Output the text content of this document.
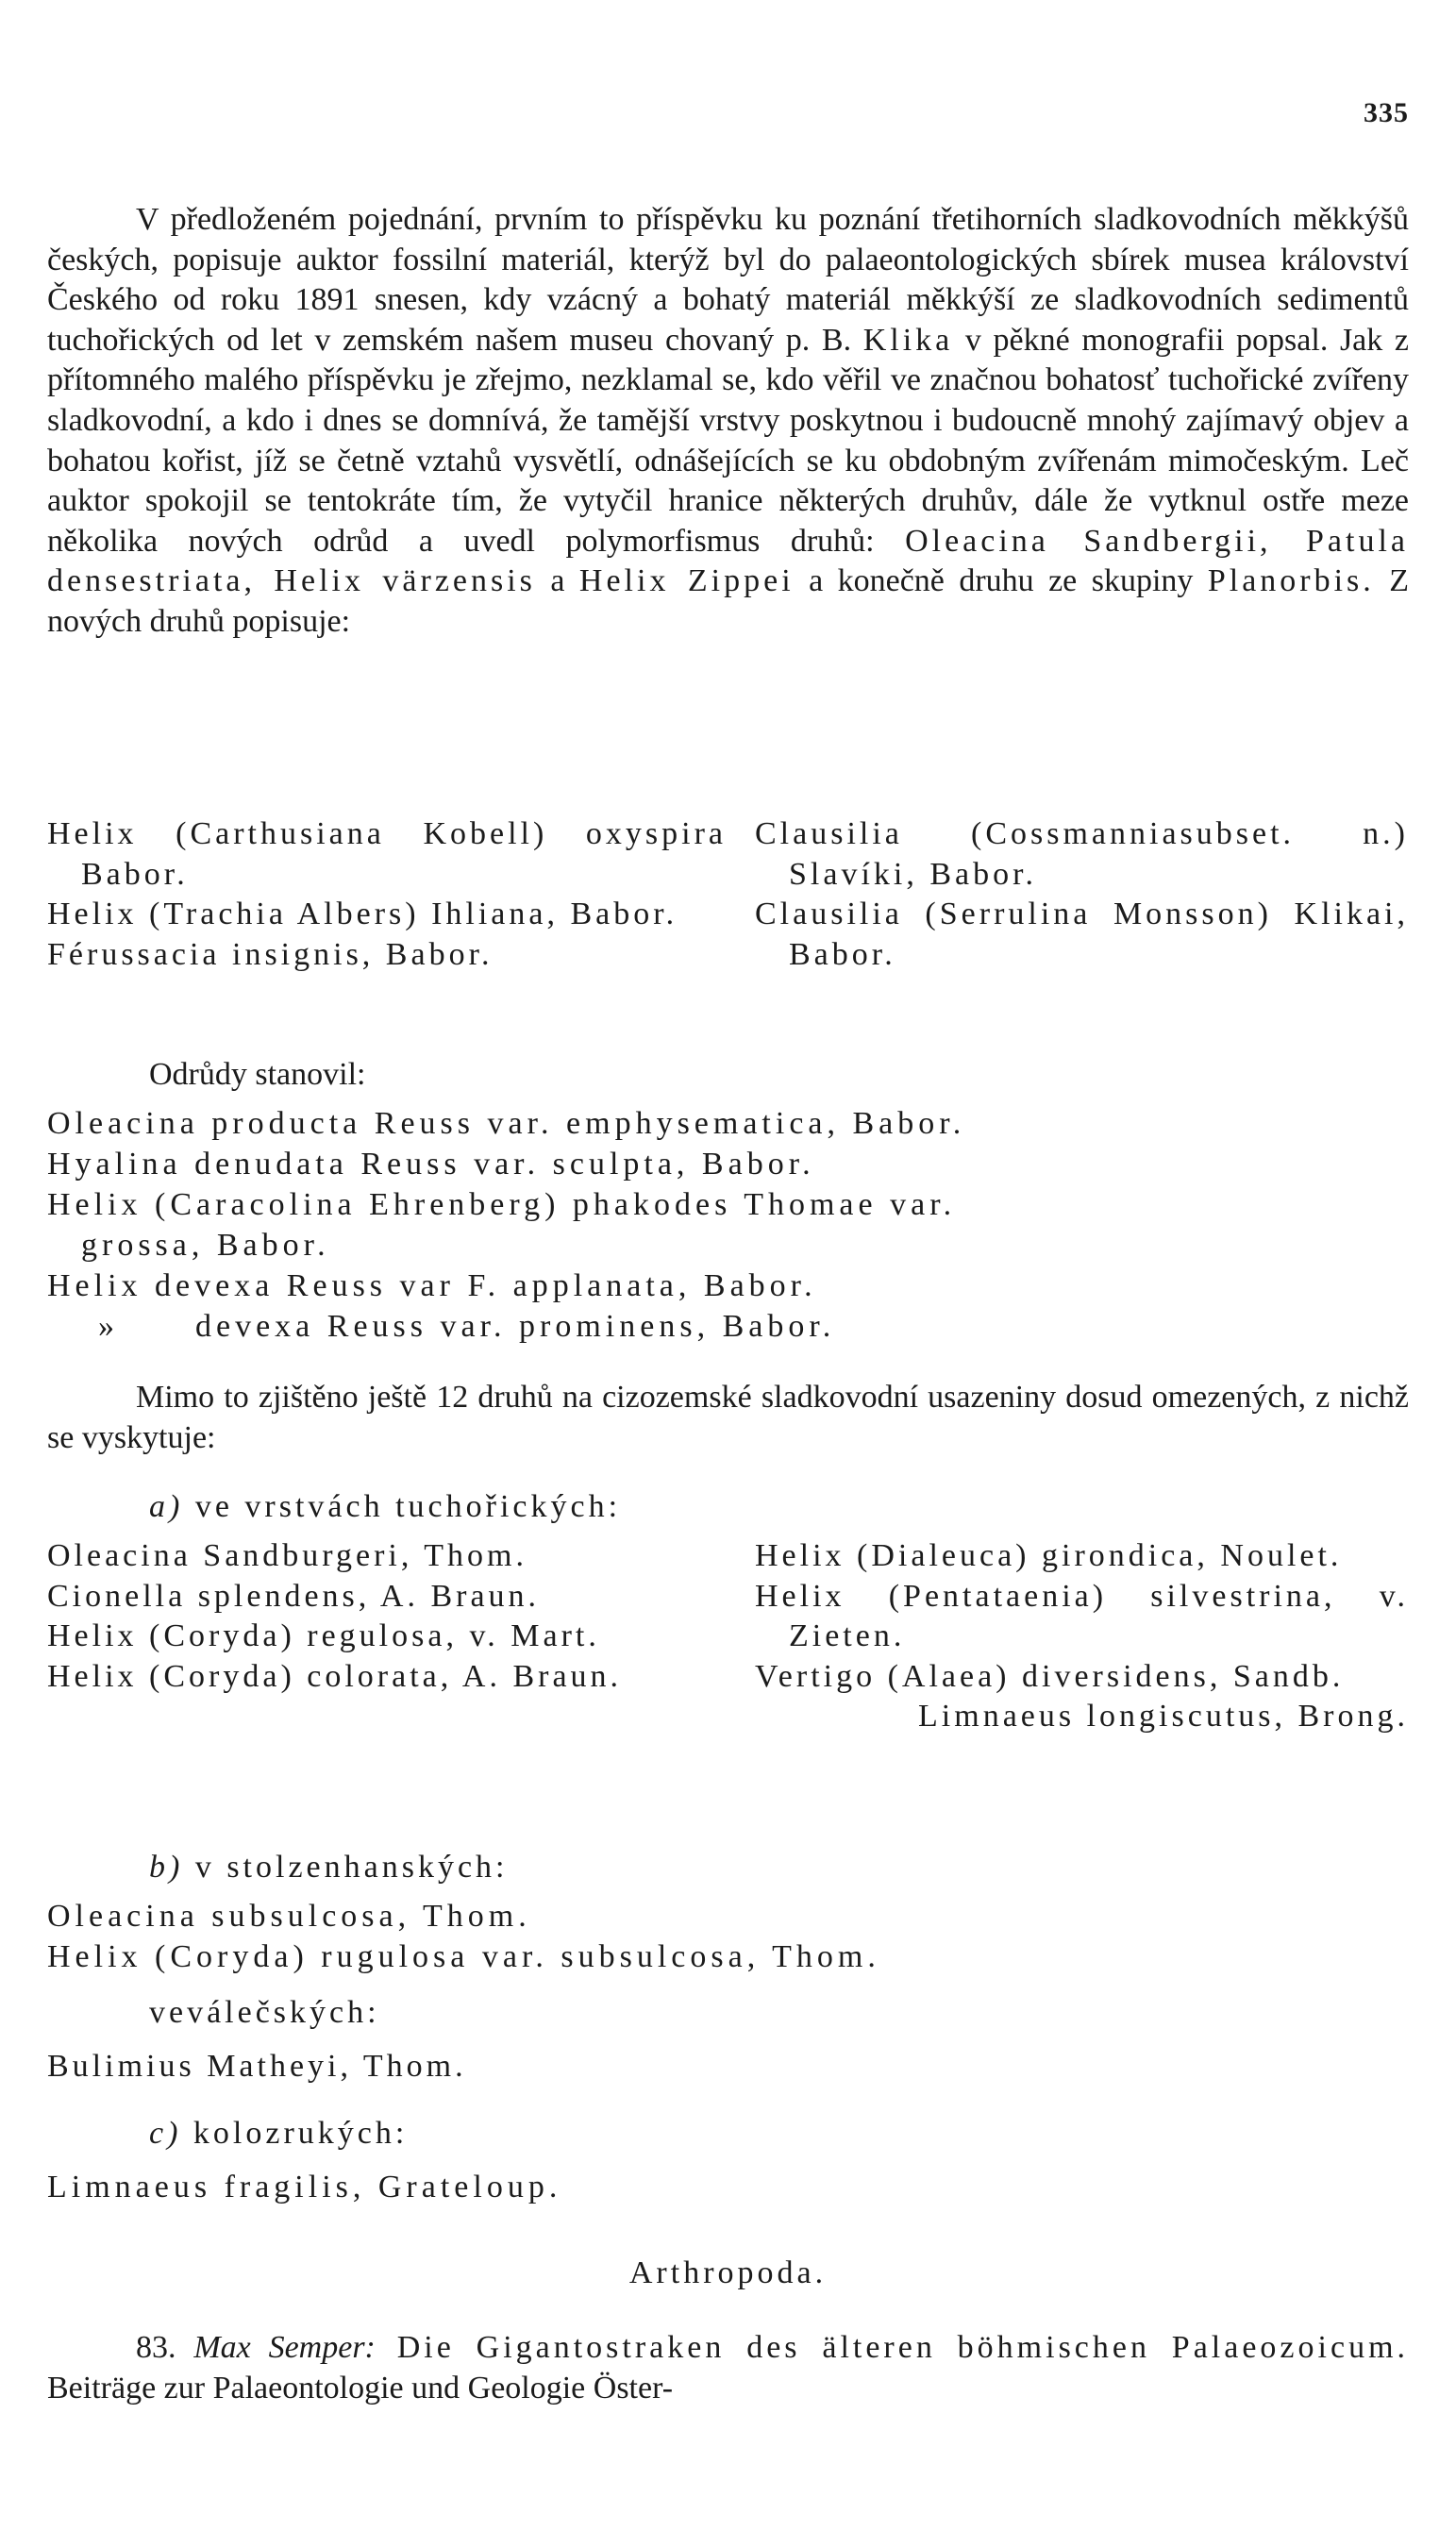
335
V předloženém pojednání, prvním to příspěvku ku poznání třetihorních sladkovodních měkkýšů českých, popisuje auktor fossilní materiál, kterýž byl do palaeontologických sbírek musea království Českého od roku 1891 snesen, kdy vzácný a bohatý materiál měkkýší ze sladkovodních sedimentů tuchořických od let v zemském našem museu chovaný p. B. Klika v pěkné monografii popsal. Jak z přítomného malého příspěvku je zřejmo, nezklamal se, kdo věřil ve značnou bohatosť tuchořické zvířeny sladkovodní, a kdo i dnes se domnívá, že tamější vrstvy poskytnou i budoucně mnohý zajímavý objev a bohatou kořist, jíž se četně vztahů vysvětlí, odnášejících se ku obdobným zvířenám mimočeským. Leč auktor spokojil se tentokráte tím, že vytyčil hranice některých druhův, dále že vytknul ostře meze několika nových odrůd a uvedl polymorfismus druhů: Oleacina Sandbergii, Patula densestriata, Helix värzensis a Helix Zippei a konečně druhu ze skupiny Planorbis. Z nových druhů popisuje:
Helix (Carthusiana Kobell) oxyspira Babor.
Helix (Trachia Albers) Ihliana, Babor.
Férussacia insignis, Babor.
Clausilia (Cossmanniasubset. n.) Slavíki, Babor.
Clausilia (Serrulina Monsson) Klikai, Babor.
Odrůdy stanovil:
Oleacina producta Reuss var. emphysematica, Babor.
Hyalina denudata Reuss var. sculpta, Babor.
Helix (Caracolina Ehrenberg) phakodes Thomae var.
grossa, Babor.
Helix devexa Reuss var F. applanata, Babor.
»      devexa Reuss var. prominens, Babor.
Mimo to zjištěno ještě 12 druhů na cizozemské sladkovodní usazeniny dosud omezených, z nichž se vyskytuje:
a) ve vrstvách tuchořických:
Oleacina Sandburgeri, Thom.
Cionella splendens, A. Braun.
Helix (Coryda) regulosa, v. Mart.
Helix (Coryda) colorata, A. Braun.
Helix (Dialeuca) girondica, Noulet.
Helix (Pentataenia) silvestrina, v. Zieten.
Vertigo (Alaea) diversidens, Sandb.
Limnaeus longiscutus, Brong.
b) v stolzenhanských:
Oleacina subsulcosa, Thom.
Helix (Coryda) rugulosa var. subsulcosa, Thom.
veválečských:
Bulimius Matheyi, Thom.
c) kolozrukých:
Limnaeus fragilis, Grateloup.
Arthropoda.
83. Max Semper: Die Gigantostraken des älteren böhmischen Palaeozoicum. Beiträge zur Palaeontologie und Geologie Öster-
